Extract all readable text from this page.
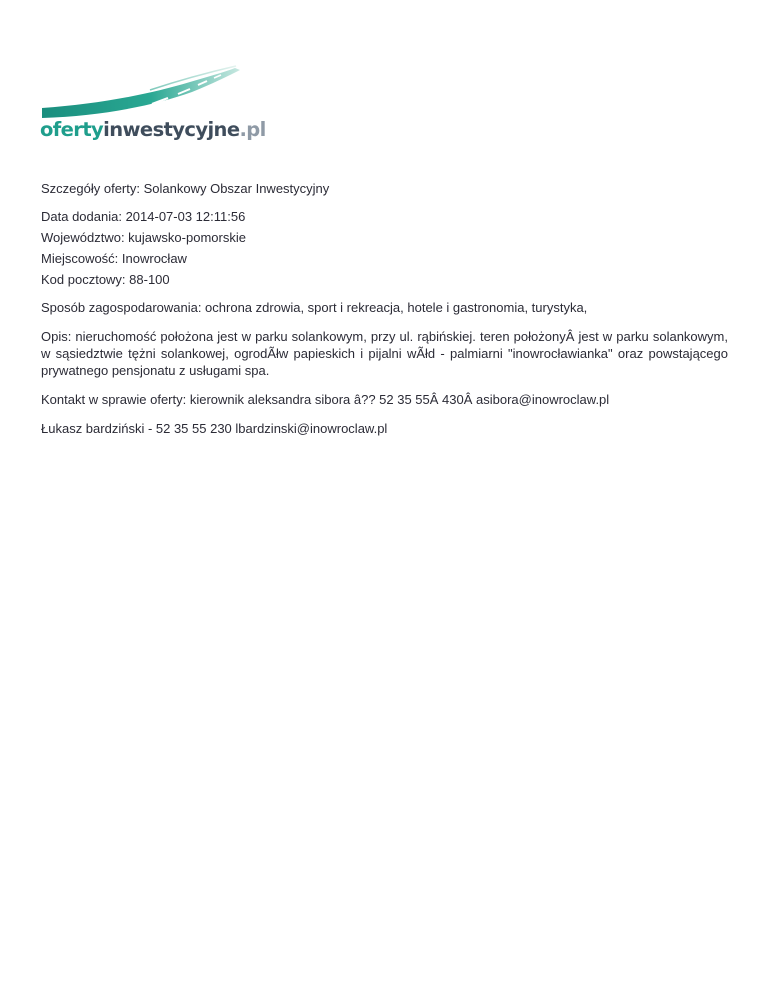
ofertyinwestycyjne.pl

Szczegóły oferty: Solankowy Obszar Inwestycyjny

Data dodania: 2014-07-03 12:11:56

Województwo: kujawsko-pomorskie

Miejscowość: Inowrocław

Kod pocztowy: 88-100

Sposób zagospodarowania: ochrona zdrowia, sport i rekreacja, hotele i gastronomia, turystyka,

Opis: nieruchomość położona jest w parku solankowym, przy ul. rąbińskiej. teren położonyÂ jest w parku solankowym, w sąsiedztwie tężni solankowej, ogrodÃłw papieskich i pijalni wÃłd - palmiarni "inowrocławianka" oraz powstającego prywatnego pensjonatu z usługami spa.

Kontakt w sprawie oferty: kierownik aleksandra sibora â?? 52 35 55Â 430Â asibora@inowroclaw.pl

Łukasz bardziński - 52 35 55 230 lbardzinski@inowroclaw.pl
